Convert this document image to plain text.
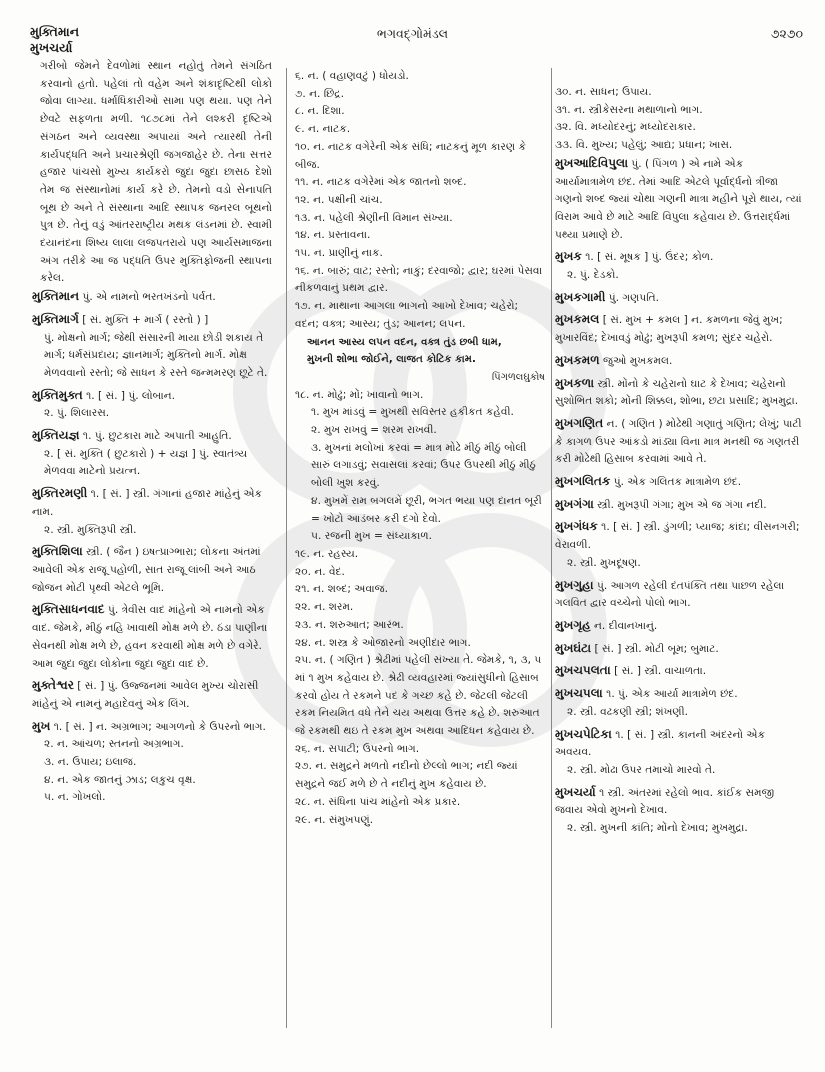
મુક્તિમાન
મુખચર્યા
ભગવદ્ગોમંડલ	૭૨૭૦
ગરીબો જેમને દેવળોમાં સ્થાન નહોતું તેમને સંગઠિત કરવાનો હતો. પહેલાં તો વહેમ અને શંકાદૃષ્ટિથી લોકો જોવા લાગ્યા. ધર્માધિકારીઓ સામા પણ થયા. પણ તેને છેવટે સફળતા મળી. ૧૮૭૮માં તેને લશ્કરી દૃષ્ટિએ સંગઠન અને વ્યવસ્થા અપાયાં અને ત્યારથી તેની કાર્યપદ્ધતિ અને પ્રચારશ્રેણી જગજાહેર છે. તેના સત્તર હજાર પાંચસો મુખ્ય કાર્યકરો જુદા જુદા છાસઠ દેશો તેમ જ સંસ્થાનોમાં કાર્ય કરે છે. તેમનો વડો સેનાપતિ બૂથ છે અને તે સંસ્થાના આદિ સ્થાપક જનરલ બૂથનો પુત્ર છે. તેનું વડું આંતરરાષ્ટ્રીય મથક લંડનમાં છે. સ્વામી દયાનંદના શિષ્ય લાલા લજપતરાયે પણ આર્યસમાજના અંગ તરીકે આ જ પદ્ધતિ ઉપર મુક્તિફોજની સ્થાપના કરેલ.
મુક્તિમાન પું. એ નામનો ભરતખંડનો પર્વત.
મુક્તિમાર્ગ [ સં. મુક્તિ + માર્ગ ( રસ્તો ) ]
પું. મોક્ષનો માર્ગ; જેથી સંસારની માયા છોડી શકાય તે માર્ગ; ધર્મસંપ્રદાય; જ્ઞાનમાર્ગ; મુક્તિનો માર્ગ. મોક્ષ મેળવવાનો રસ્તો; જે સાધન કે રસ્તે જન્મમરણ છૂટે તે.
મુક્તિમુક્ત ૧. [ સં. ] પું. લોબાન.
૨. પું. શિલારસ.
મુક્તિયજ્ઞ ૧. પું. છુટકારા માટે અપાતી આહુતિ.
૨. [ સં. મુક્તિ ( છુટકારો ) + યજ્ઞ ] પું. સ્વાતંત્ર્ય મેળવવા માટેનો પ્રયત્ન.
મુક્તિરમણી ૧. [ સં. ] સ્ત્રી. ગંગાનાં હજાર માંહેનું એક નામ.
૨. સ્ત્રી. મુક્તિરૂપી સ્ત્રી.
મુક્તિશિલા સ્ત્રી. ( જૈન ) ઇષત્પ્રાગ્ભારા; લોકના અંતમાં આવેલી એક રાજૂ પહોળી, સાત રાજૂ લાંબી અને આઠ જોજન મોટી પૃથ્વી એટલે ભૂમિ.
મુક્તિસાધનવાદ પું. ત્રેવીસ વાદ માંહેનો એ નામનો એક વાદ. જેમકે, મીઠું નહિ ખાવાથી મોક્ષ મળે છે. ઠંડા પાણીના સેવનથી મોક્ષ મળે છે, હવન કરવાથી મોક્ષ મળે છે વગેરે. આમ જુદા જુદા લોકોના જુદા જુદા વાદ છે.
મુક્તેશ્વર [ સં. ] પું. ઉજ્જનમાં આવેલ મુખ્ય ચોરાસી માંહેનું એ નામનું મહાદેવનું એક લિંગ.
મુખ ૧. [ સં. ] ન. અગ્રભાગ; આગળનો કે ઉપરનો ભાગ.
૨. ન. આંચળ; સ્તનનો અગ્રભાગ.
૩. ન. ઉપાય; ઇલાજ.
૪. ન. એક જાતનું ઝાડ; લકુચ વૃક્ષ.
૫. ન. ગોખલો.
૬. ન. ( વહાણવટું ) ધોયડો.
૭. ન. છિદ્ર.
૮. ન. દિશા.
૯. ન. નાટક.
૧૦. ન. નાટક વગેરેની એક સંધિ; નાટકનું મૂળ કારણ કે બીજ.
૧૧. ન. નાટક વગેરેમાં એક જાતનો શબ્દ.
૧૨. ન. પક્ષીની ચાંચ.
૧૩. ન. પહેલી શ્રેણીની વિમાન સંખ્યા.
૧૪. ન. પ્રસ્તાવના.
૧૫. ન. પ્રાણીનું નાક.
૧૬. ન. બારું; વાટ; રસ્તો; નાકું; દરવાજો; દ્વાર; ઘરમાં પેસવા નીકળવાનું પ્રથમ દ્વાર.
૧૭. ન. માથાના આગલા ભાગનો આખો દેખાવ; ચહેરો; વદન; વક્ત્ર; આસ્ય; તુંડ; આનન; લપન.
આનન આસ્ય લપન વદન, વક્ત્ર તુંડ છબી ધામ,
મુખની શોભા જોઈને, લાજત કોટિક કામ.
પિંગળલઘુકોષ
૧૮. ન. મોઢું; મોં; ખાવાનો ભાગ.
૧. મુખ માંડવું = મુખથી સવિસ્તર હકીકત કહેવી.
૨. મુખ રાખવું = શરમ રાખવી.
૩. મુખનાં મલોખાં કરવાં = માત્ર મોઢે મીઠું મીઠું બોલી સારું લગાડવું; સવાસલાં કરવાં; ઉપર ઉપરથી મીઠું મીઠું બોલી ખુશ કરવું.
૪. મુખમેં રામ બગલમેં છૂરી, ભગત ભયા પણ દાનત બૂરી = ખોટો આડંબર કરી દગો દેવો.
૫. રજની મુખ = સંધ્યાકાળ.
૧૯. ન. રહસ્ય.
૨૦. ન. વેદ.
૨૧. ન. શબ્દ; અવાજ.
૨૨. ન. શરમ.
૨૩. ન. શરુઆત; આરંભ.
૨૪. ન. શસ્ત્ર કે ઓજારનો અણીદાર ભાગ.
૨૫. ન. ( ગણિત ) શ્રેઢીમાં પહેલી સંખ્યા તે. જેમકે, ૧, ૩, ૫ માં ૧ મુખ કહેવાય છે. શ્રેઢી વ્યવહારમાં જ્યાંસુધીનો હિસાબ કરવો હોય તે રકમને પદ કે ગચ્છ કહે છે. જેટલી જેટલી રકમ નિયમિત વધે તેને ચય અથવા ઉત્તર કહે છે. શરુઆત જે રકમથી થઇ તે રકમ મુખ અથવા આદિધન કહેવાય છે.
૨૬. ન. સપાટી; ઉપરનો ભાગ.
૨૭. ન. સમુદ્રને મળતો નદીનો છેલ્લો ભાગ; નદી જ્યાં સમુદ્રને જઈ મળે છે તે નદીનું મુખ કહેવાય છે.
૨૮. ન. સંધિના પાંચ માંહેનો એક પ્રકાર.
૨૯. ન. સંમુખપણું.
૩૦. ન. સાધન; ઉપાય.
૩૧. ન. સ્ત્રીકેસરના મથાળાનો ભાગ.
૩૨. વિ. મધ્યોદરનું; મધ્યોદરાકાર.
૩૩. વિ. મુખ્ય; પહેલું; આદ્ય; પ્રધાન; ખાસ.
મુખઆદિવિપુલા પું. ( પિંગળ ) એ નામે એક આર્યામાત્રામેળ છંદ. તેમાં આદિ એટલે પૂર્વાર્દ્ધનો ત્રીજા ગણનો શબ્દ જ્યાં ચોથા ગણની માત્રા મહીને પૂરો થાય, ત્યાં વિરામ આવે છે માટે આદિ વિપુલા કહેવાય છે. ઉત્તરાર્દ્ધમાં પથ્યા પ્રમાણે છે.
મુખક ૧. [ સં. મૂષક ] પું. ઉંદર; કોળ.
૨. પું. દેડકો.
મુખકગામી પું. ગણપતિ.
મુખકમલ [ સં. મુખ + કમલ ] ન. કમળના જેવું મુખ; મુખારવિંદ; દેખાવડું મોઢું; મુખરૂપી કમળ; સુંદર ચહેરો.
મુખકમળ જુઓ મુખકમલ.
મુખકળા સ્ત્રી. મોંનો કે ચહેરાનો ઘાટ કે દેખાવ; ચહેરાનો સુશોભિત શકો; મોંની શિક્કલ, શોભા, છટા પ્રસાદિ; મુખમુદ્રા.
મુખગણિત ન. ( ગણિત ) મોઢેથી ગણાતું ગણિત; લેખું; પાટી કે કાગળ ઉપર આંકડો માંડ્યા વિના માત્ર મનથી જ ગણતરી કરી મોઢેથી હિસાબ કરવામાં આવે તે.
મુખગલિતક પું. એક ગલિતક માત્રામેળ છંદ.
મુખગંગા સ્ત્રી. મુખરૂપી ગંગા; મુખ એ જ ગંગા નદી.
મુખગંધક ૧. [ સં. ] સ્ત્રી. ડુંગળી; પ્યાજ; કાંદા; વીસનગરી; વેરાવળી.
૨. સ્ત્રી. મુખદૂષણ.
મુખગુહા પું. આગળ રહેલી દંતપંક્તિ તથા પાછળ રહેલા ગલવિત દ્વાર વચ્ચેનો પોલો ભાગ.
મુખગૃહ ન. દીવાનખાનું.
મુખઘંટા [ સં. ] સ્ત્રી. મોટી બૂમ; બુમાટ.
મુખચપલતા [ સં. ] સ્ત્રી. વાચાળતા.
મુખચપલા ૧. પું. એક આર્યા માત્રામેળ છંદ.
૨. સ્ત્રી. વઢકણી સ્ત્રી; શંખણી.
મુખચપેટિકા ૧. [ સં. ] સ્ત્રી. કાનની અંદરનો એક અવયવ.
૨. સ્ત્રી. મોઢા ઉપર તમાચો મારવો તે.
મુખચર્યા ૧ સ્ત્રી. અંતરમાં રહેલો ભાવ. કાંઈક સમજી જવાય એવો મુખનો દેખાવ.
૨. સ્ત્રી. મુખની કાંતિ; મોંનો દેખાવ; મુખમુદ્રા.
